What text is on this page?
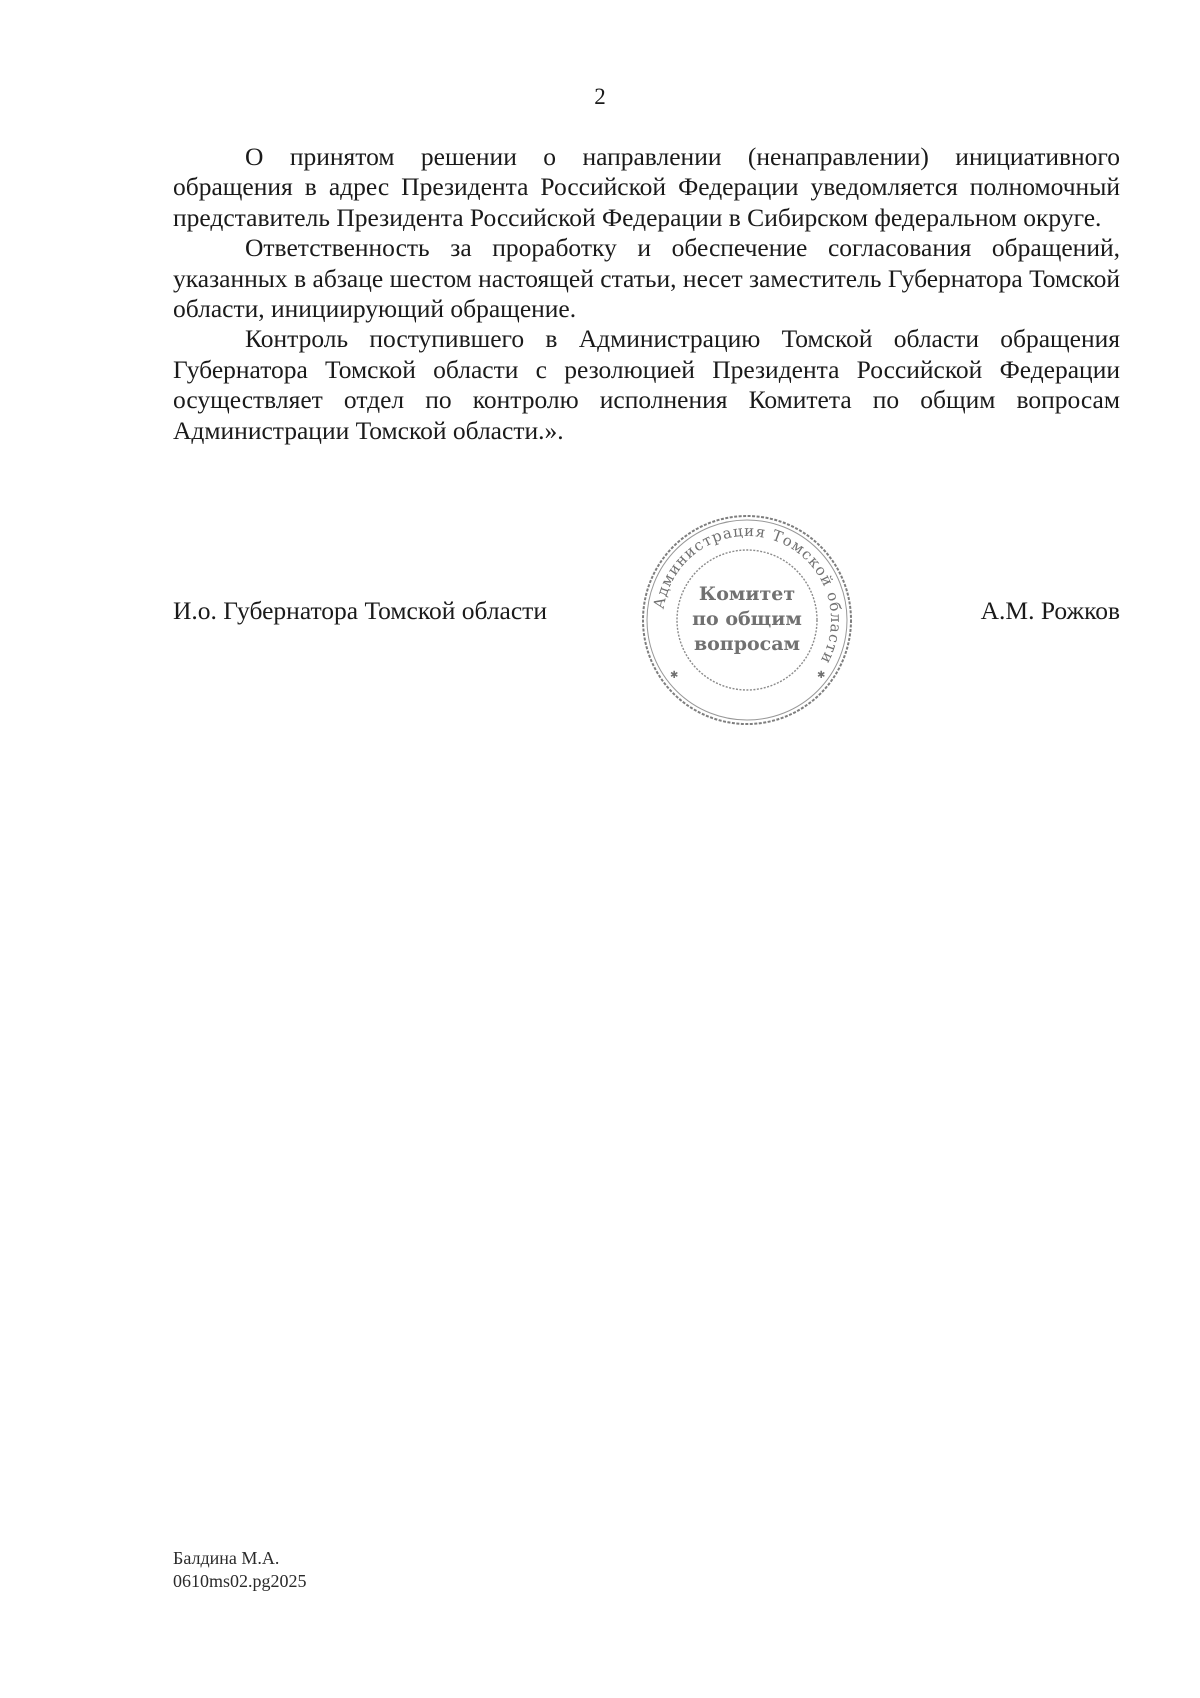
2

О принятом решении о направлении (ненаправлении) инициативного обращения в адрес Президента Российской Федерации уведомляется полномочный представитель Президента Российской Федерации в Сибирском федеральном округе.

Ответственность за проработку и обеспечение согласования обращений, указанных в абзаце шестом настоящей статьи, несет заместитель Губернатора Томской области, инициирующий обращение.

Контроль поступившего в Администрацию Томской области обращения Губернатора Томской области с резолюцией Президента Российской Федерации осуществляет отдел по контролю исполнения Комитета по общим вопросам Администрации Томской области.».

И.о. Губернатора Томской области	А.М. Рожков
Администрация Томской области
Комитет
по общим
вопросам
✱	✱
Балдина М.А.
0610ms02.pg2025
